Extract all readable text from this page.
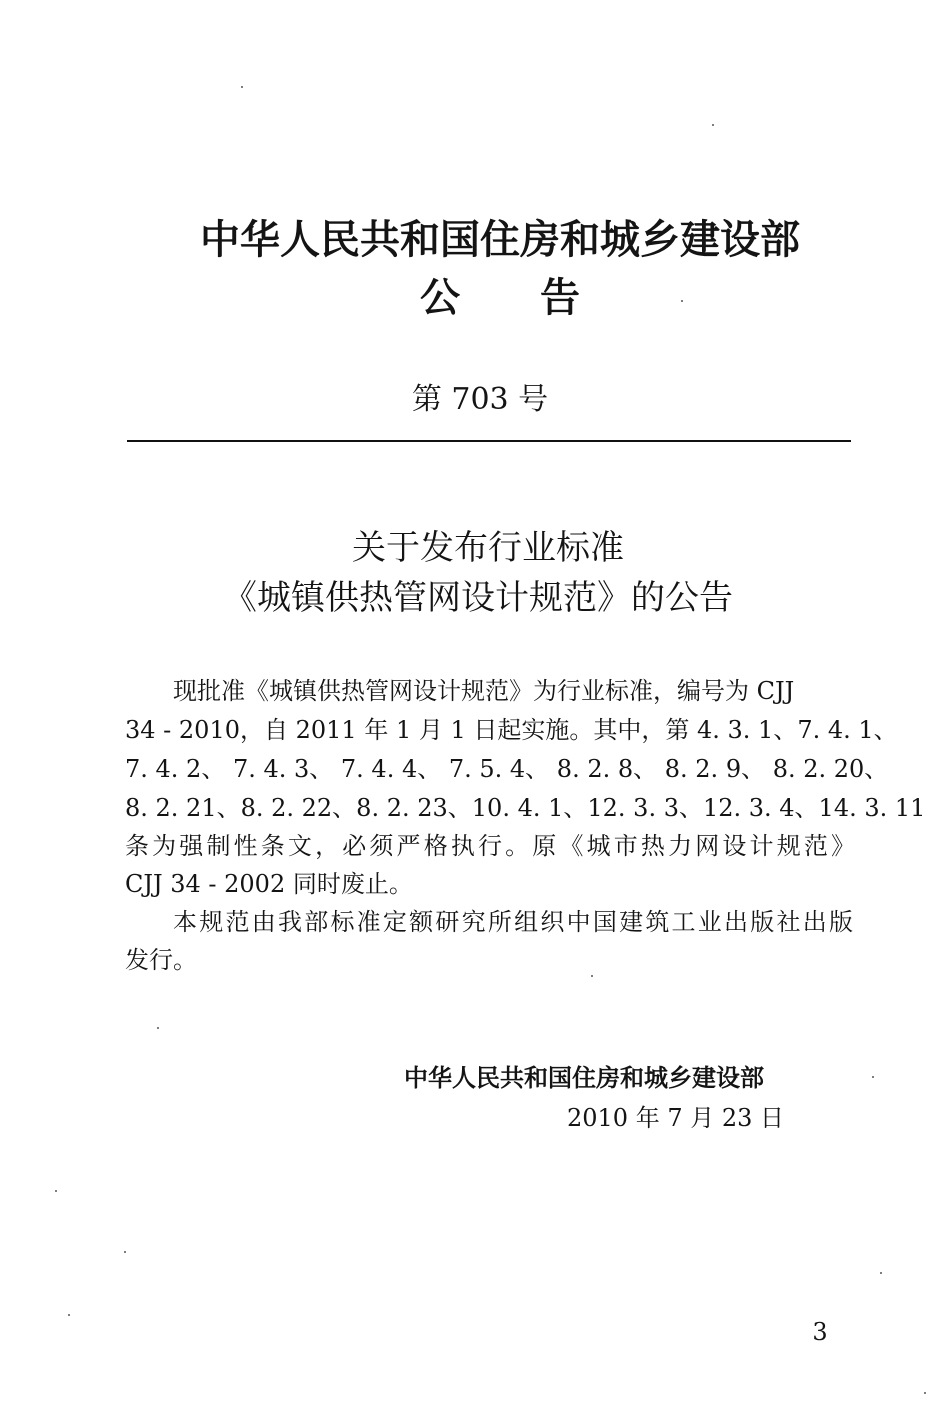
中华人民共和国住房和城乡建设部
公告
第 703 号
关于发布行业标准
《城镇供热管网设计规范》的公告
现批准《城镇供热管网设计规范》为行业标准，编号为 CJJ
34 - 2010，自 2011 年 1 月 1 日起实施。其中，第 4. 3. 1、7. 4. 1、
7. 4. 2、 7. 4. 3、 7. 4. 4、 7. 5. 4、 8. 2. 8、 8. 2. 9、 8. 2. 20、
8. 2. 21、8. 2. 22、8. 2. 23、10. 4. 1、12. 3. 3、12. 3. 4、14. 3. 11
条为强制性条文，必须严格执行。原《城市热力网设计规范》
CJJ 34 - 2002 同时废止。
本规范由我部标准定额研究所组织中国建筑工业出版社出版
发行。
中华人民共和国住房和城乡建设部
2010 年 7 月 23 日
3
